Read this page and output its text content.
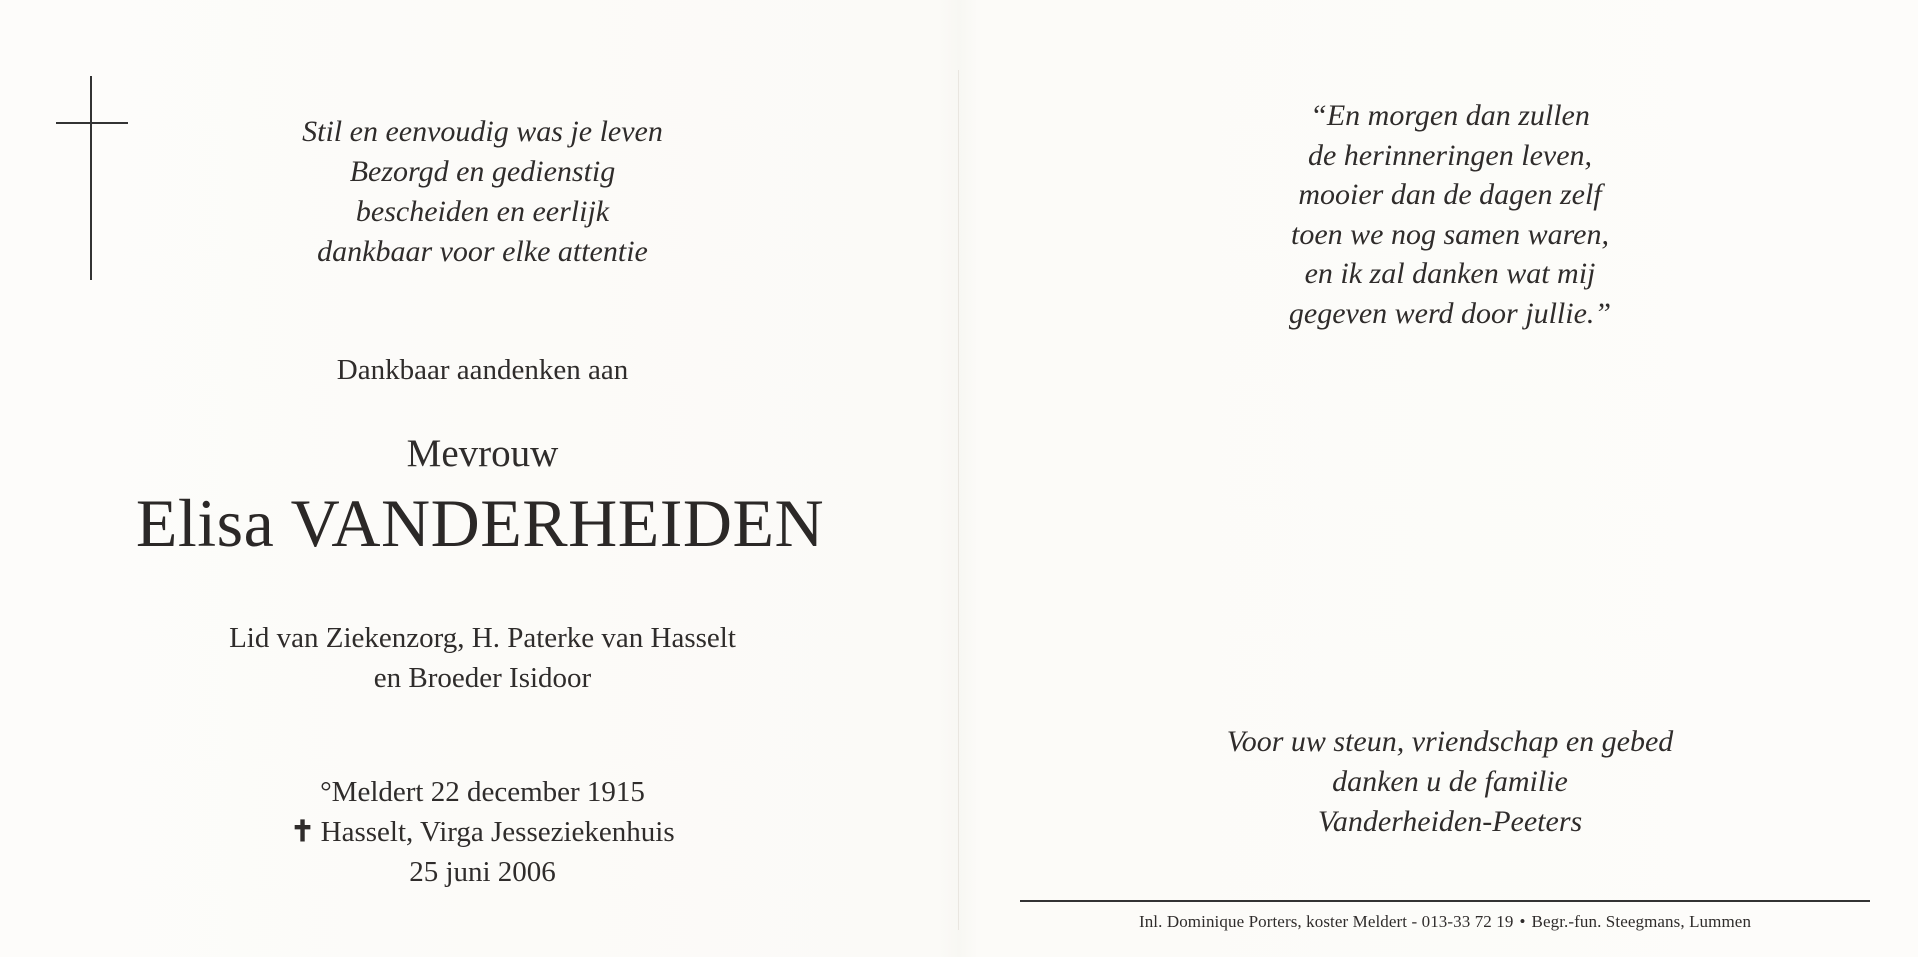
Stil en eenvoudig was je leven
Bezorgd en gedienstig
bescheiden en eerlijk
dankbaar voor elke attentie
Dankbaar aandenken aan
Mevrouw
Elisa VANDERHEIDEN
Lid van Ziekenzorg, H. Paterke van Hasselt
en Broeder Isidoor
°Meldert 22 december 1915
✝ Hasselt, Virga Jesseziekenhuis
25 juni 2006
“En morgen dan zullen
de herinneringen leven,
mooier dan de dagen zelf
toen we nog samen waren,
en ik zal danken wat mij
gegeven werd door jullie.”
Voor uw steun, vriendschap en gebed
danken u de familie
Vanderheiden-Peeters
Inl. Dominique Porters, koster Meldert - 013-33 72 19 • Begr.-fun. Steegmans, Lummen
